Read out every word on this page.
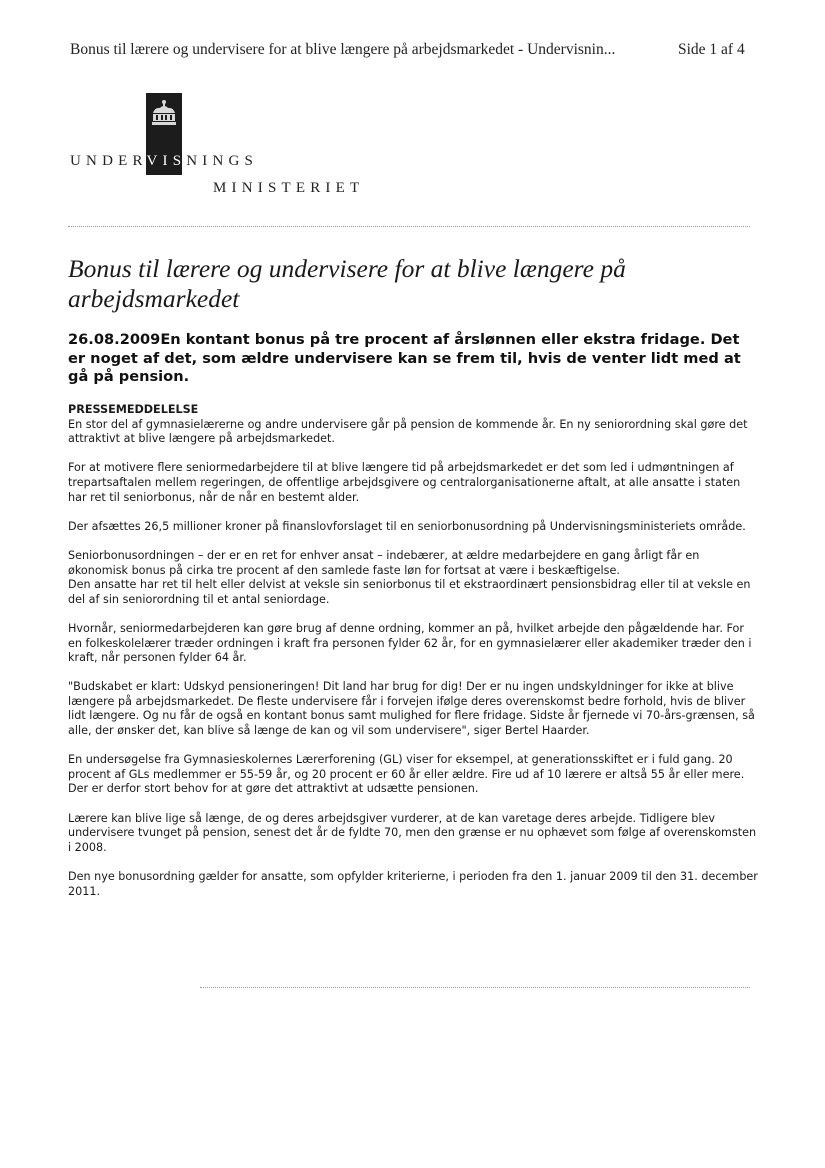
Bonus til lærere og undervisere for at blive længere på arbejdsmarkedet - Undervisnin...	Side 1 af 4
UNDERVISNINGS
MINISTERIET
Bonus til lærere og undervisere for at blive længere på arbejdsmarkedet

26.08.2009En kontant bonus på tre procent af årslønnen eller ekstra fridage. Det er noget af det, som ældre undervisere kan se frem til, hvis de venter lidt med at gå på pension.

PRESSEMEDDELELSE

En stor del af gymnasielærerne og andre undervisere går på pension de kommende år. En ny seniorordning skal gøre det attraktivt at blive længere på arbejdsmarkedet.

For at motivere flere seniormedarbejdere til at blive længere tid på arbejdsmarkedet er det som led i udmøntningen af trepartsaftalen mellem regeringen, de offentlige arbejdsgivere og centralorganisationerne aftalt, at alle ansatte i staten har ret til seniorbonus, når de når en bestemt alder.

Der afsættes 26,5 millioner kroner på finanslovforslaget til en seniorbonusordning på Undervisningsministeriets område.

Seniorbonusordningen – der er en ret for enhver ansat – indebærer, at ældre medarbejdere en gang årligt får en økonomisk bonus på cirka tre procent af den samlede faste løn for fortsat at være i beskæftigelse.

Den ansatte har ret til helt eller delvist at veksle sin seniorbonus til et ekstraordinært pensionsbidrag eller til at veksle en del af sin seniorordning til et antal seniordage.

Hvornår, seniormedarbejderen kan gøre brug af denne ordning, kommer an på, hvilket arbejde den pågældende har. For en folkeskolelærer træder ordningen i kraft fra personen fylder 62 år, for en gymnasielærer eller akademiker træder den i kraft, når personen fylder 64 år.

"Budskabet er klart: Udskyd pensioneringen! Dit land har brug for dig! Der er nu ingen undskyldninger for ikke at blive længere på arbejdsmarkedet. De fleste undervisere får i forvejen ifølge deres overenskomst bedre forhold, hvis de bliver lidt længere. Og nu får de også en kontant bonus samt mulighed for flere fridage. Sidste år fjernede vi 70-års-grænsen, så alle, der ønsker det, kan blive så længe de kan og vil som undervisere", siger Bertel Haarder.

En undersøgelse fra Gymnasieskolernes Lærerforening (GL) viser for eksempel, at generationsskiftet er i fuld gang. 20 procent af GLs medlemmer er 55-59 år, og 20 procent er 60 år eller ældre. Fire ud af 10 lærere er altså 55 år eller mere. Der er derfor stort behov for at gøre det attraktivt at udsætte pensionen.

Lærere kan blive lige så længe, de og deres arbejdsgiver vurderer, at de kan varetage deres arbejde. Tidligere blev undervisere tvunget på pension, senest det år de fyldte 70, men den grænse er nu ophævet som følge af overenskomsten i 2008.

Den nye bonusordning gælder for ansatte, som opfylder kriterierne, i perioden fra den 1. januar 2009 til den 31. december 2011.
